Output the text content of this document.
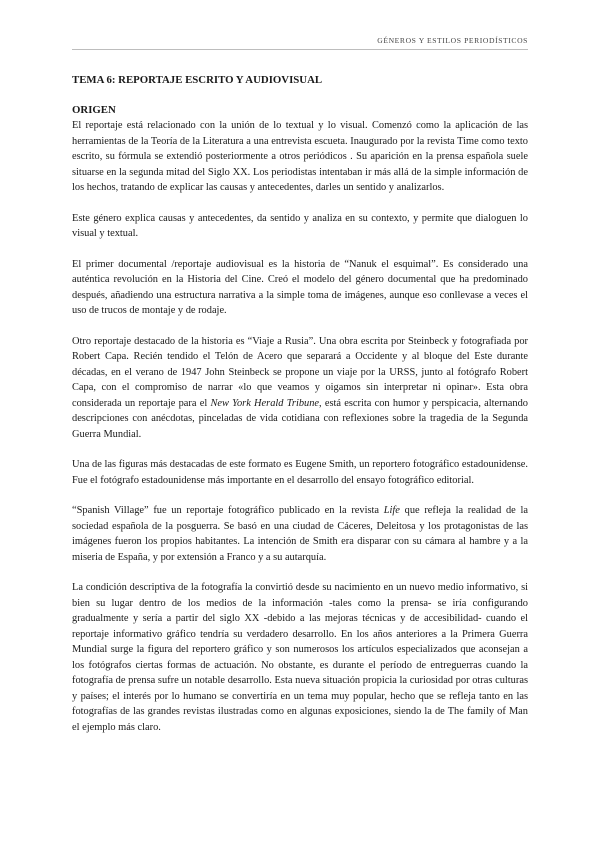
GÉNEROS Y ESTILOS PERIODÍSTICOS
TEMA 6: REPORTAJE ESCRITO Y AUDIOVISUAL
ORIGEN

El reportaje está relacionado con la unión de lo textual y lo visual. Comenzó como la aplicación de las herramientas de la Teoría de la Literatura a una entrevista escueta. Inaugurado por la revista Time como texto escrito, su fórmula se extendió posteriormente a otros periódicos . Su aparición en la prensa española suele situarse en la segunda mitad del Siglo XX. Los periodistas intentaban ir más allá de la simple información de los hechos, tratando de explicar las causas y antecedentes, darles un sentido y analizarlos.

Este género explica causas y antecedentes, da sentido y analiza en su contexto, y permite que dialoguen lo visual y textual.

El primer documental /reportaje audiovisual es la historia de “Nanuk el esquimal”. Es considerado una auténtica revolución en la Historia del Cine. Creó el modelo del género documental que ha predominado después, añadiendo una estructura narrativa a la simple toma de imágenes, aunque eso conllevase a veces el uso de trucos de montaje y de rodaje.

Otro reportaje destacado de la historia es “Viaje a Rusia”. Una obra escrita por Steinbeck y fotografiada por Robert Capa. Recién tendido el Telón de Acero que separará a Occidente y al bloque del Este durante décadas, en el verano de 1947 John Steinbeck se propone un viaje por la URSS, junto al fotógrafo Robert Capa, con el compromiso de narrar «lo que veamos y oigamos sin interpretar ni opinar». Esta obra considerada un reportaje para el New York Herald Tribune, está escrita con humor y perspicacia, alternando descripciones con anécdotas, pinceladas de vida cotidiana con reflexiones sobre la tragedia de la Segunda Guerra Mundial.

Una de las figuras más destacadas de este formato es Eugene Smith, un reportero fotográfico estadounidense. Fue el fotógrafo estadounidense más importante en el desarrollo del ensayo fotográfico editorial.

“Spanish Village” fue un reportaje fotográfico publicado en la revista Life que refleja la realidad de la sociedad española de la posguerra. Se basó en una ciudad de Cáceres, Deleitosa y los protagonistas de las imágenes fueron los propios habitantes. La intención de Smith era disparar con su cámara al hambre y a la miseria de España, y por extensión a Franco y a su autarquía.

La condición descriptiva de la fotografía la convirtió desde su nacimiento en un nuevo medio informativo, si bien su lugar dentro de los medios de la información -tales como la prensa- se iría configurando gradualmente y sería a partir del siglo XX -debido a las mejoras técnicas y de accesibilidad- cuando el reportaje informativo gráfico tendría su verdadero desarrollo. En los años anteriores a la Primera Guerra Mundial surge la figura del reportero gráfico y son numerosos los artículos especializados que aconsejan a los fotógrafos ciertas formas de actuación. No obstante, es durante el período de entreguerras cuando la fotografía de prensa sufre un notable desarrollo. Esta nueva situación propicia la curiosidad por otras culturas y países; el interés por lo humano se convertiría en un tema muy popular, hecho que se refleja tanto en las fotografías de las grandes revistas ilustradas como en algunas exposiciones, siendo la de The family of Man el ejemplo más claro.
